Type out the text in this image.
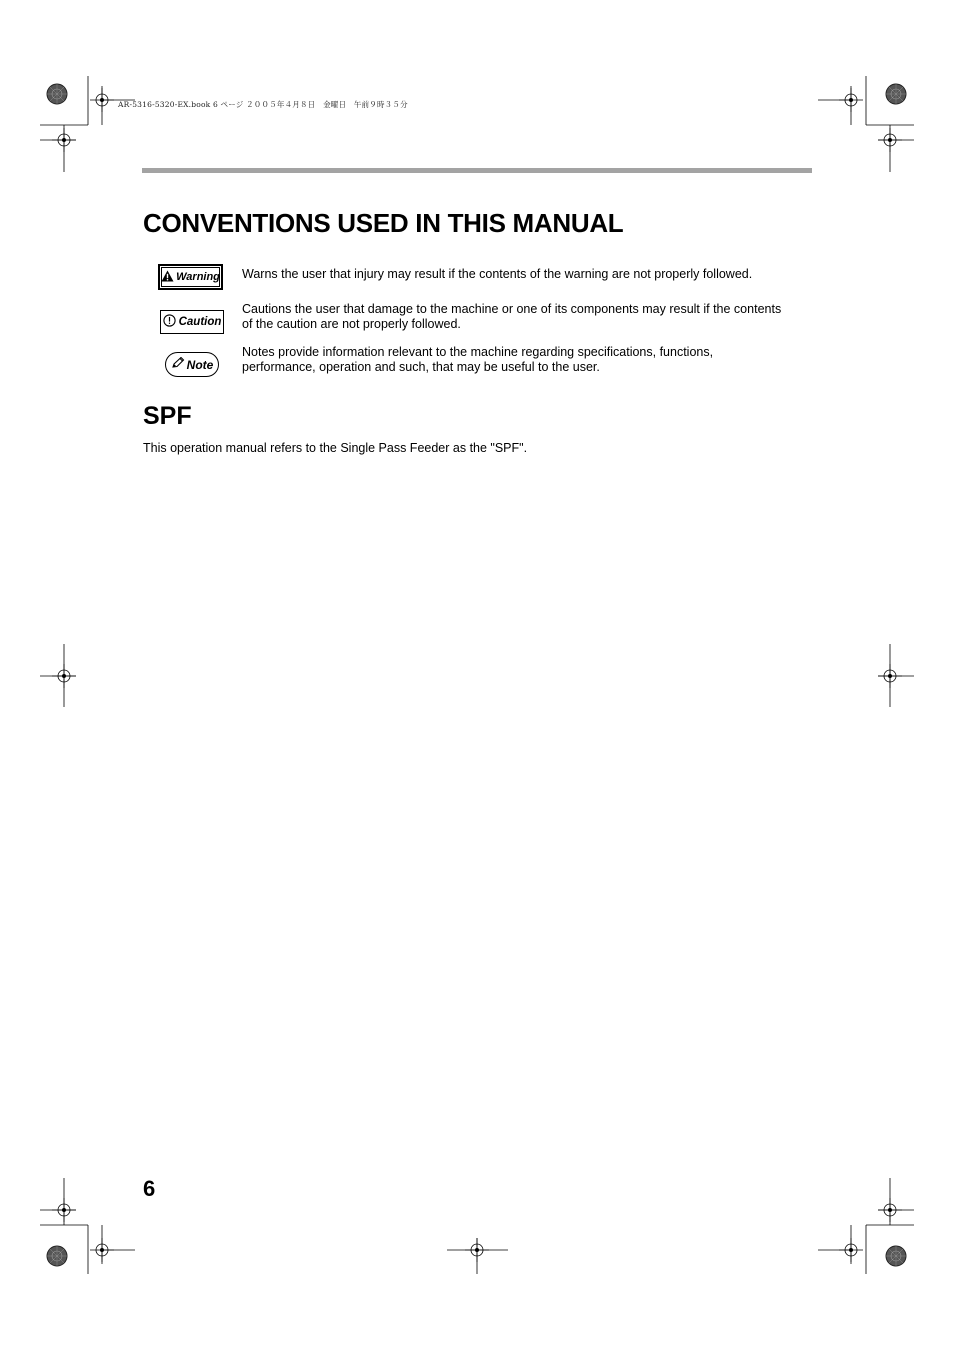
AR-5316-5320-EX.book 6 ページ ２００５年４月８日　金曜日　午前９時３５分
CONVENTIONS USED IN THIS MANUAL
Warning Warns the user that injury may result if the contents of the warning are not properly followed.
Caution
Cautions the user that damage to the machine or one of its components may result if the contents
of the caution are not properly followed.
Note
Notes provide information relevant to the machine regarding specifications, functions,
performance, operation and such, that may be useful to the user.
SPF
This operation manual refers to the Single Pass Feeder as the "SPF".
6
